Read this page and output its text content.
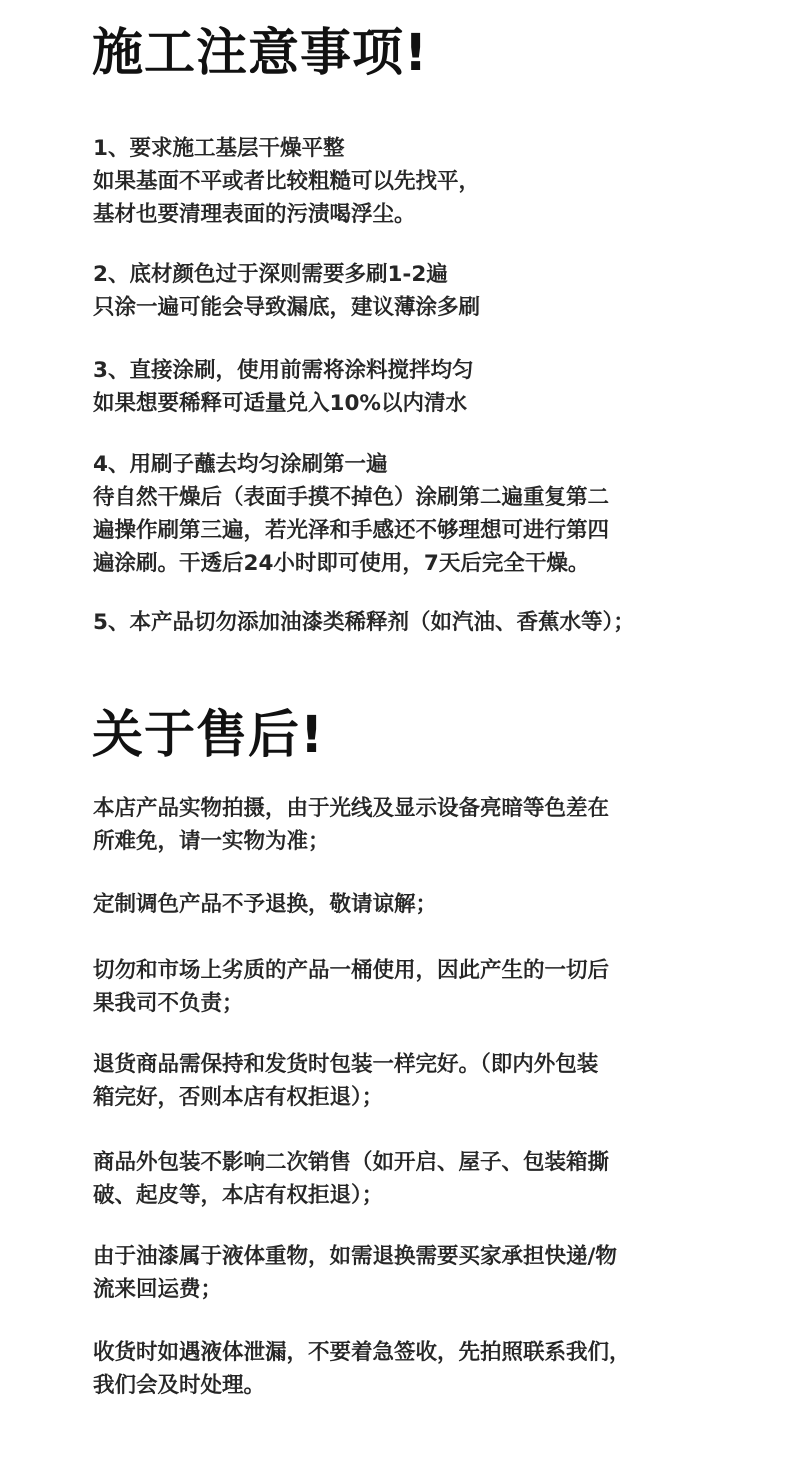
施工注意事项!
1、要求施工基层干燥平整
如果基面不平或者比较粗糙可以先找平，
基材也要清理表面的污渍喝浮尘。
2、底材颜色过于深则需要多刷1-2遍
只涂一遍可能会导致漏底，建议薄涂多刷
3、直接涂刷，使用前需将涂料搅拌均匀
如果想要稀释可适量兑入10%以内清水
4、用刷子蘸去均匀涂刷第一遍
待自然干燥后（表面手摸不掉色）涂刷第二遍重复第二
遍操作刷第三遍，若光泽和手感还不够理想可进行第四
遍涂刷。干透后24小时即可使用，7天后完全干燥。
5、本产品切勿添加油漆类稀释剂（如汽油、香蕉水等）；
关于售后!
本店产品实物拍摄，由于光线及显示设备亮暗等色差在
所难免，请一实物为准；
定制调色产品不予退换，敬请谅解；
切勿和市场上劣质的产品一桶使用，因此产生的一切后
果我司不负责；
退货商品需保持和发货时包装一样完好。（即内外包装
箱完好，否则本店有权拒退）；
商品外包装不影响二次销售（如开启、屋子、包装箱撕
破、起皮等，本店有权拒退）；
由于油漆属于液体重物，如需退换需要买家承担快递/物
流来回运费；
收货时如遇液体泄漏，不要着急签收，先拍照联系我们，
我们会及时处理。
